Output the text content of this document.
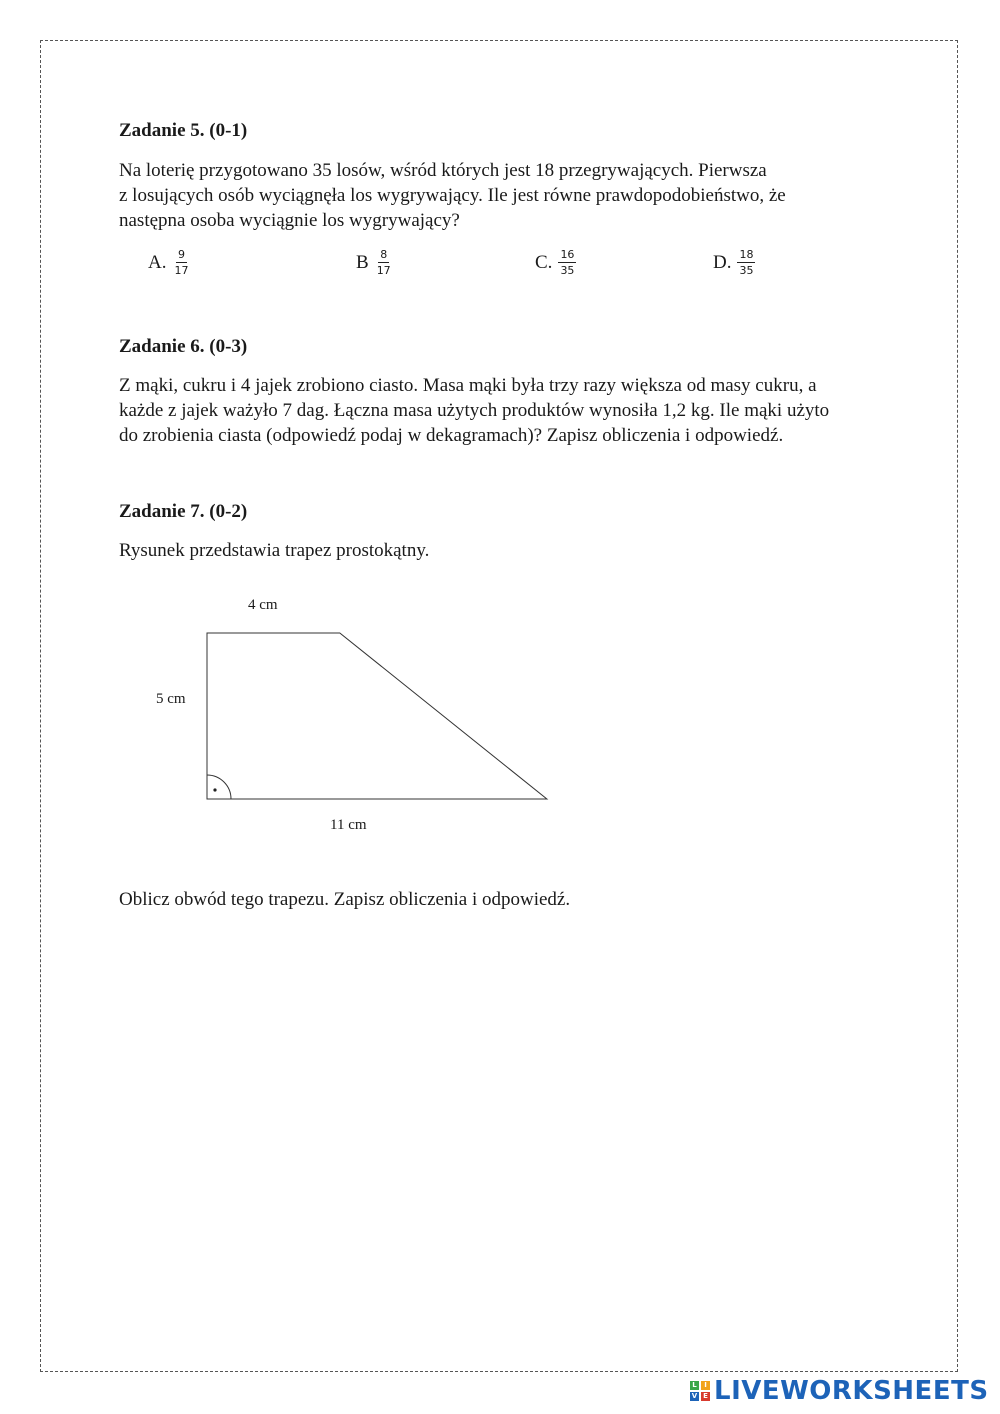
Zadanie 5. (0-1)
Na loterię przygotowano 35 losów, wśród których jest 18 przegrywających. Pierwsza
z losujących osób wyciągnęła los wygrywający. Ile jest równe prawdopodobieństwo, że
następna osoba wyciągnie los wygrywający?
A. $\frac{9}{17}$	B $\frac{8}{17}$	C. $\frac{16}{35}$	D. $\frac{18}{35}$
Zadanie 6. (0-3)
Z mąki, cukru i 4 jajek zrobiono ciasto. Masa mąki była trzy razy większa od masy cukru, a
każde z jajek ważyło 7 dag. Łączna masa użytych produktów wynosiła 1,2 kg. Ile mąki użyto
do zrobienia ciasta (odpowiedź podaj w dekagramach)? Zapisz obliczenia i odpowiedź.
Zadanie 7. (0-2)
Rysunek przedstawia trapez prostokątny.
4 cm
5 cm
11 cm
Oblicz obwód tego trapezu. Zapisz obliczenia i odpowiedź.
L	I
V E LIVEWORKSHEETS
